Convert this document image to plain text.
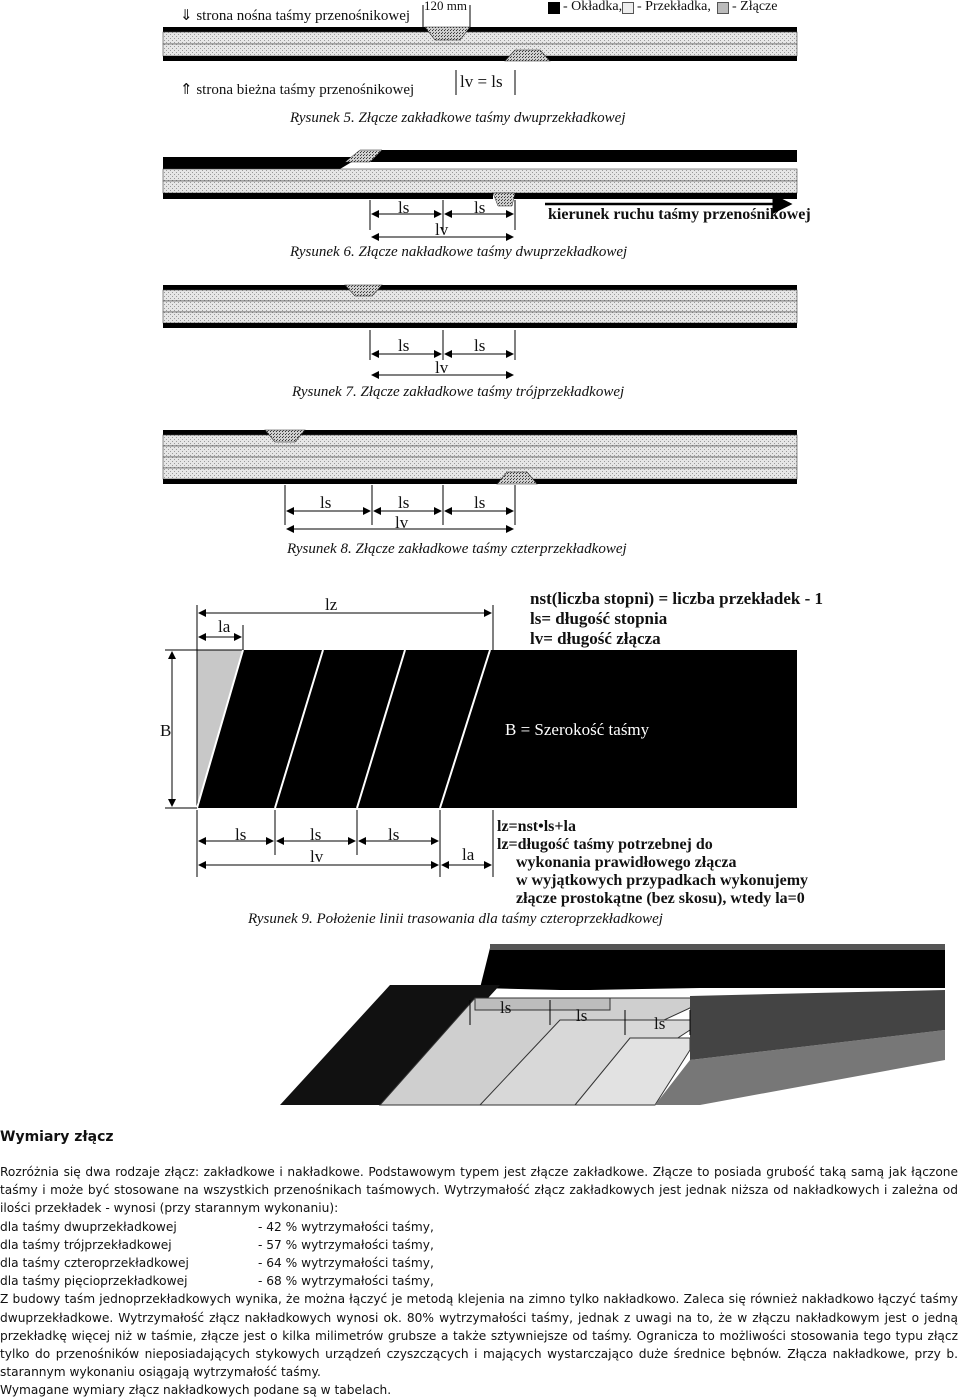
⇓ strona nośna taśmy przenośnikowej
⇑ strona bieżna taśmy przenośnikowej
120 mm	- Okładka, - Przekładka, - Złącze
lv = ls
Rysunek 5. Złącze zakładkowe taśmy dwuprzekładkowej
ls	ls
lv
kierunek ruchu taśmy przenośnikowej
Rysunek 6. Złącze nakładkowe taśmy dwuprzekładkowej
ls	ls
lv
Rysunek 7. Złącze zakładkowe taśmy trójprzekładkowej
ls	ls	ls
lv
Rysunek 8. Złącze zakładkowe taśmy czterprzekładkowej
lz
la
B
ls	ls	ls
lv	la
nst(liczba stopni) = liczba przekładek - 1
ls= długość stopnia
lv= długość złącza
B = Szerokość taśmy
lz=nst•ls+la
lz=długość taśmy potrzebnej do
wykonania prawidłowego złącza
w wyjątkowych przypadkach wykonujemy
złącze prostokątne (bez skosu), wtedy la=0
Rysunek 9. Położenie linii trasowania dla taśmy czteroprzekładkowej
ls	ls	ls
Wymiary złącz
Rozróżnia się dwa rodzaje złącz: zakładkowe i nakładkowe. Podstawowym typem jest złącze zakładkowe. Złącze to posiada grubość taką samą jak łączone taśmy i może być stosowane na wszystkich przenośnikach taśmowych. Wytrzymałość złącz zakładkowych jest jednak niższa od nakładkowych i zależna od ilości przekładek - wynosi (przy starannym wykonaniu):
dla taśmy dwuprzekładkowej	- 42 % wytrzymałości taśmy,
dla taśmy trójprzekładkowej	- 57 % wytrzymałości taśmy,
dla taśmy czteroprzekładkowej	- 64 % wytrzymałości taśmy,
dla taśmy pięcioprzekładkowej	- 68 % wytrzymałości taśmy,
Z budowy taśm jednoprzekładkowych wynika, że można łączyć je metodą klejenia na zimno tylko nakładkowo. Zaleca się również nakładkowo łączyć taśmy dwuprzekładkowe. Wytrzymałość złącz nakładkowych wynosi ok. 80% wytrzymałości taśmy, jednak z uwagi na to, że w złączu nakładkowym jest o jedną przekładkę więcej niż w taśmie, złącze jest o kilka milimetrów grubsze a także sztywniejsze od taśmy. Ogranicza to możliwości stosowania tego typu złącz tylko do przenośników nieposiadających stykowych urządzeń czyszczących i mających wystarczająco duże średnice bębnów. Złącza nakładkowe, przy b. starannym wykonaniu osiągają wytrzymałość taśmy.
Wymagane wymiary złącz nakładkowych podane są w tabelach.
